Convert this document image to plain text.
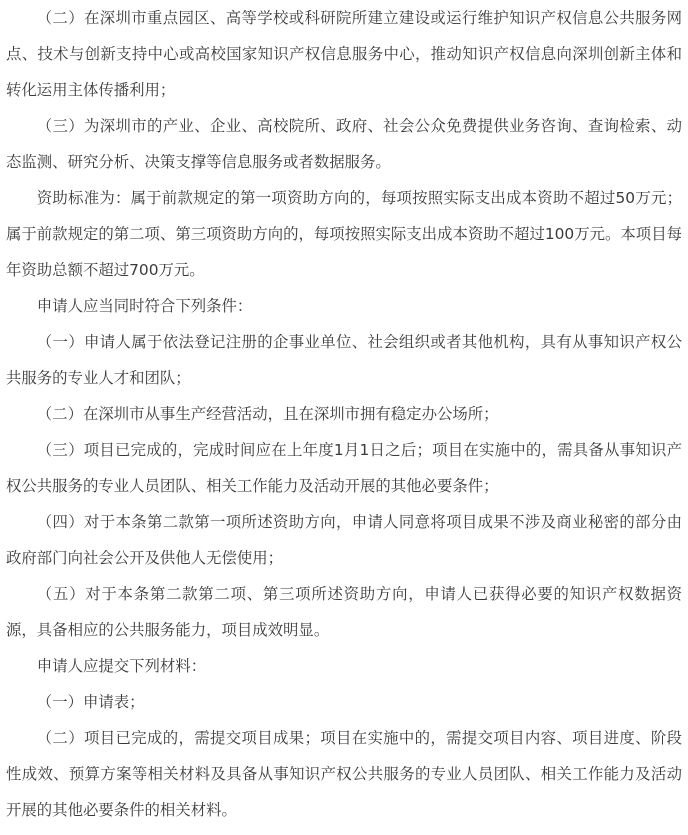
（二）在深圳市重点园区、高等学校或科研院所建立建设或运行维护知识产权信息公共服务网点、技术与创新支持中心或高校国家知识产权信息服务中心，推动知识产权信息向深圳创新主体和转化运用主体传播利用；

（三）为深圳市的产业、企业、高校院所、政府、社会公众免费提供业务咨询、查询检索、动态监测、研究分析、决策支撑等信息服务或者数据服务。

资助标准为：属于前款规定的第一项资助方向的，每项按照实际支出成本资助不超过50万元；属于前款规定的第二项、第三项资助方向的，每项按照实际支出成本资助不超过100万元。本项目每年资助总额不超过700万元。

申请人应当同时符合下列条件：

（一）申请人属于依法登记注册的企事业单位、社会组织或者其他机构，具有从事知识产权公共服务的专业人才和团队；

（二）在深圳市从事生产经营活动，且在深圳市拥有稳定办公场所；

（三）项目已完成的，完成时间应在上年度1月1日之后；项目在实施中的，需具备从事知识产权公共服务的专业人员团队、相关工作能力及活动开展的其他必要条件；

（四）对于本条第二款第一项所述资助方向，申请人同意将项目成果不涉及商业秘密的部分由政府部门向社会公开及供他人无偿使用；

（五）对于本条第二款第二项、第三项所述资助方向，申请人已获得必要的知识产权数据资源，具备相应的公共服务能力，项目成效明显。

申请人应提交下列材料：

（一）申请表；

（二）项目已完成的，需提交项目成果；项目在实施中的，需提交项目内容、项目进度、阶段性成效、预算方案等相关材料及具备从事知识产权公共服务的专业人员团队、相关工作能力及活动开展的其他必要条件的相关材料。
